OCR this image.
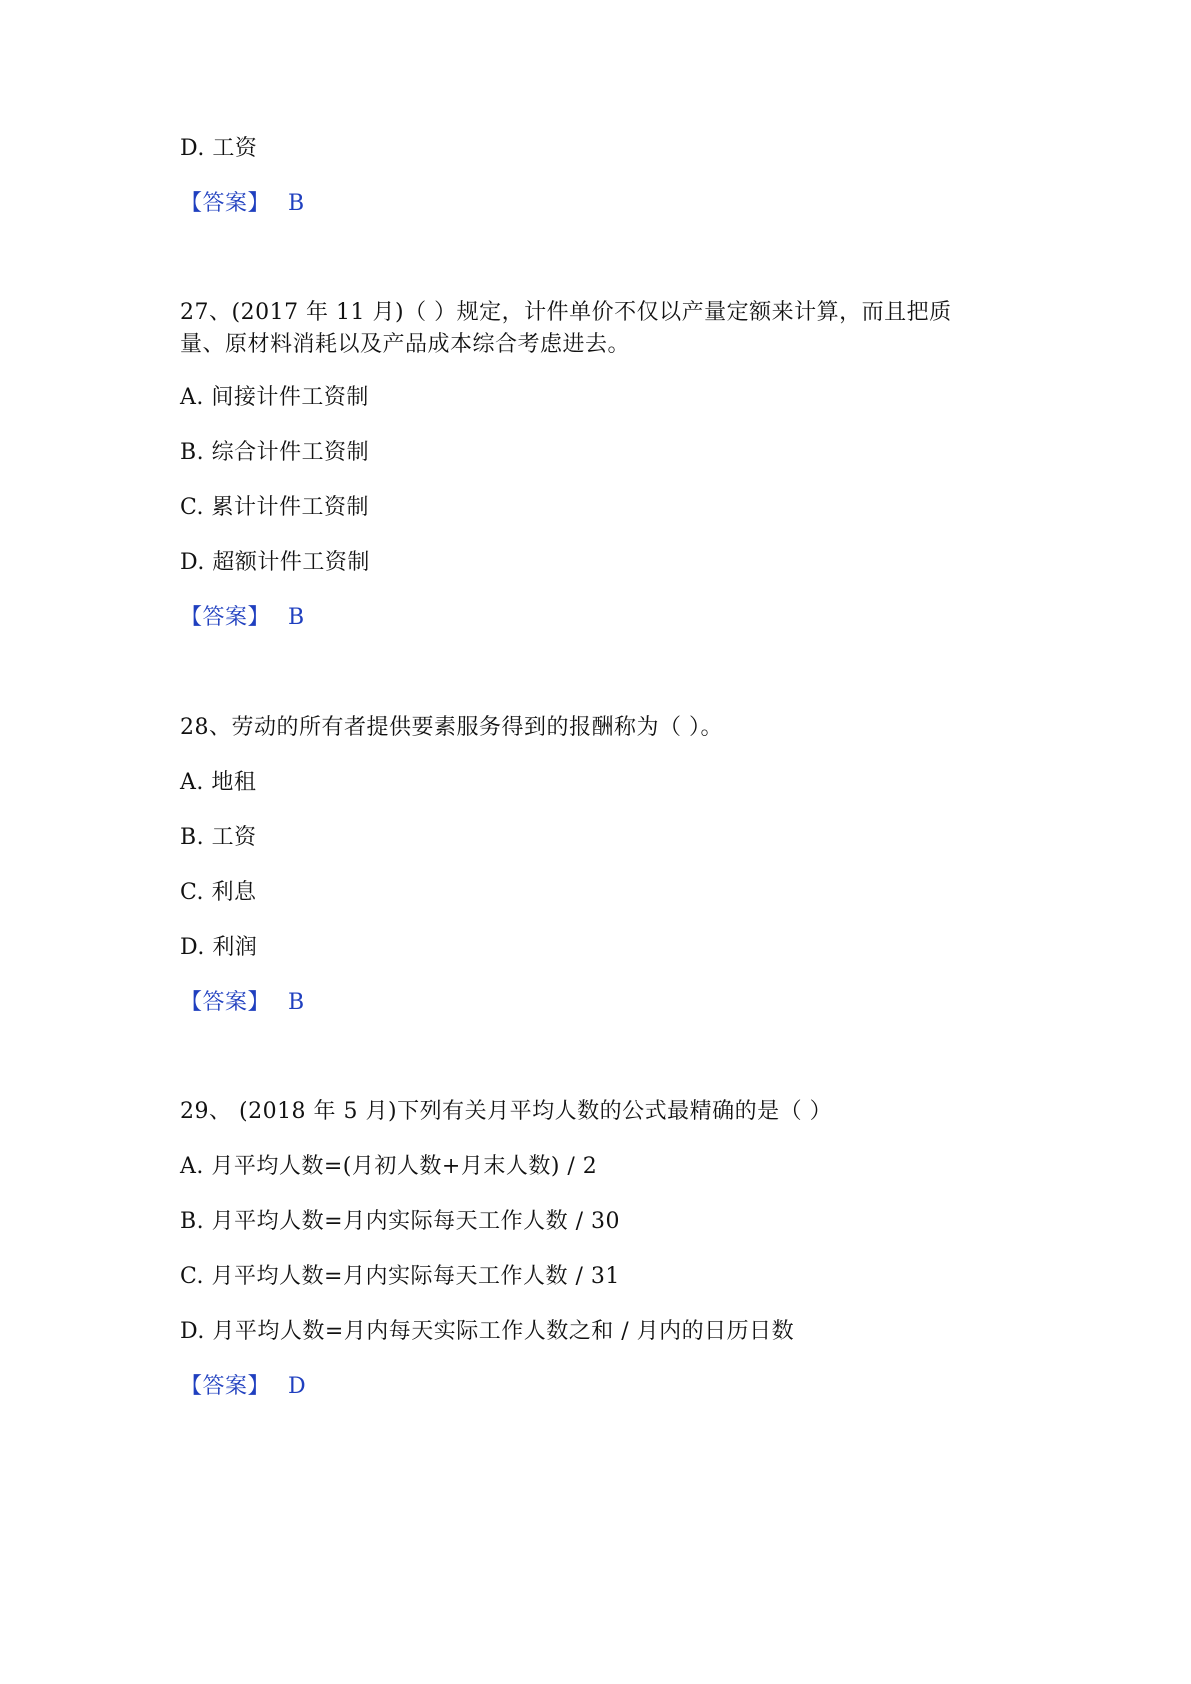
D. 工资
【答案】 B
27、(2017 年 11 月)（ ）规定，计件单价不仅以产量定额来计算，而且把质
量、原材料消耗以及产品成本综合考虑进去。
A. 间接计件工资制
B. 综合计件工资制
C. 累计计件工资制
D. 超额计件工资制
【答案】 B
28、劳动的所有者提供要素服务得到的报酬称为（ ）。
A. 地租
B. 工资
C. 利息
D. 利润
【答案】 B
29、 (2018 年 5 月)下列有关月平均人数的公式最精确的是（ ）
A. 月平均人数=(月初人数+月末人数) / 2
B. 月平均人数=月内实际每天工作人数 / 30
C. 月平均人数=月内实际每天工作人数 / 31
D. 月平均人数=月内每天实际工作人数之和 / 月内的日历日数
【答案】 D
